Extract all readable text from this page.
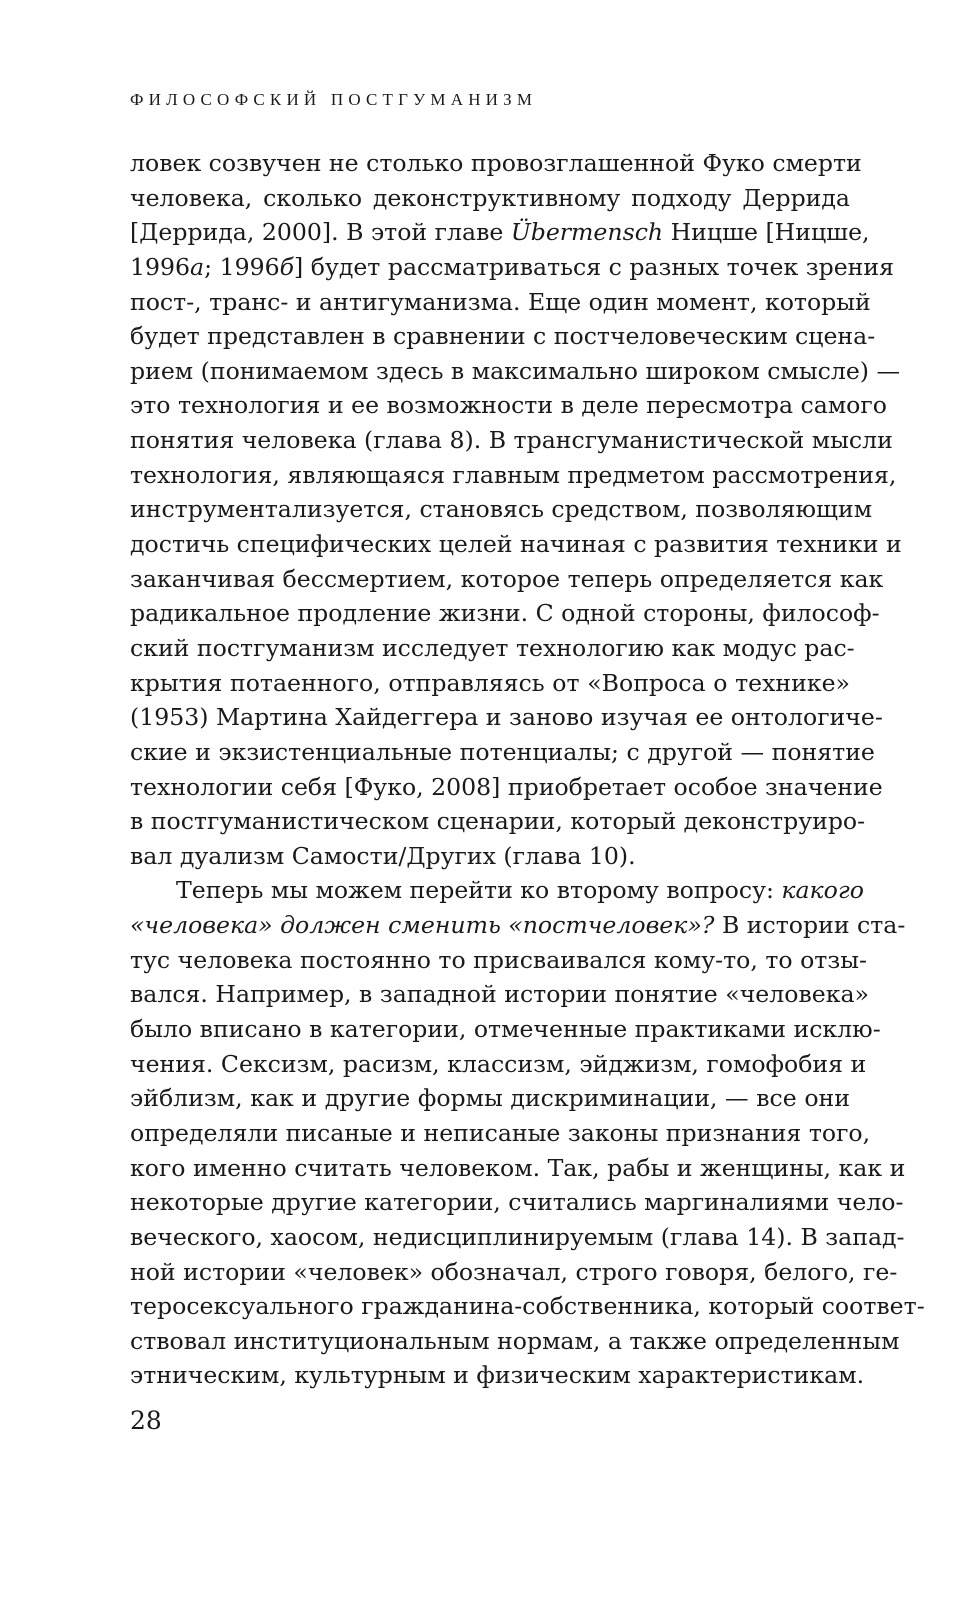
ФИЛОСОФСКИЙ ПОСТГУМАНИЗМ
ловек созвучен не столько провозглашенной Фуко смерти
человека, сколько деконструктивному подходу Деррида
[Деррида, 2000]. В этой главе Übermensch Ницше [Ницше,
1996а; 1996б] будет рассматриваться с разных точек зрения
пост-, транс- и антигуманизма. Еще один момент, который
будет представлен в сравнении с постчеловеческим сцена-
рием (понимаемом здесь в максимально широком смысле) —
это технология и ее возможности в деле пересмотра самого
понятия человека (глава 8). В трансгуманистической мысли
технология, являющаяся главным предметом рассмотрения,
инструментализуется, становясь средством, позволяющим
достичь специфических целей начиная с развития техники и
заканчивая бессмертием, которое теперь определяется как
радикальное продление жизни. С одной стороны, философ-
ский постгуманизм исследует технологию как модус рас-
крытия потаенного, отправляясь от «Вопроса о технике»
(1953) Мартина Хайдеггера и заново изучая ее онтологиче-
ские и экзистенциальные потенциалы; с другой — понятие
технологии себя [Фуко, 2008] приобретает особое значение
в постгуманистическом сценарии, который деконструиро-
вал дуализм Самости/Других (глава 10).
Теперь мы можем перейти ко второму вопросу: какого
«человека» должен сменить «постчеловек»? В истории ста-
тус человека постоянно то присваивался кому-то, то отзы-
вался. Например, в западной истории понятие «человека»
было вписано в категории, отмеченные практиками исклю-
чения. Сексизм, расизм, классизм, эйджизм, гомофобия и
эйблизм, как и другие формы дискриминации, — все они
определяли писаные и неписаные законы признания того,
кого именно считать человеком. Так, рабы и женщины, как и
некоторые другие категории, считались маргиналиями чело-
веческого, хаосом, недисциплинируемым (глава 14). В запад-
ной истории «человек» обозначал, строго говоря, белого, ге-
теросексуального гражданина-собственника, который соответ-
ствовал институциональным нормам, а также определенным
этническим, культурным и физическим характеристикам.
28
